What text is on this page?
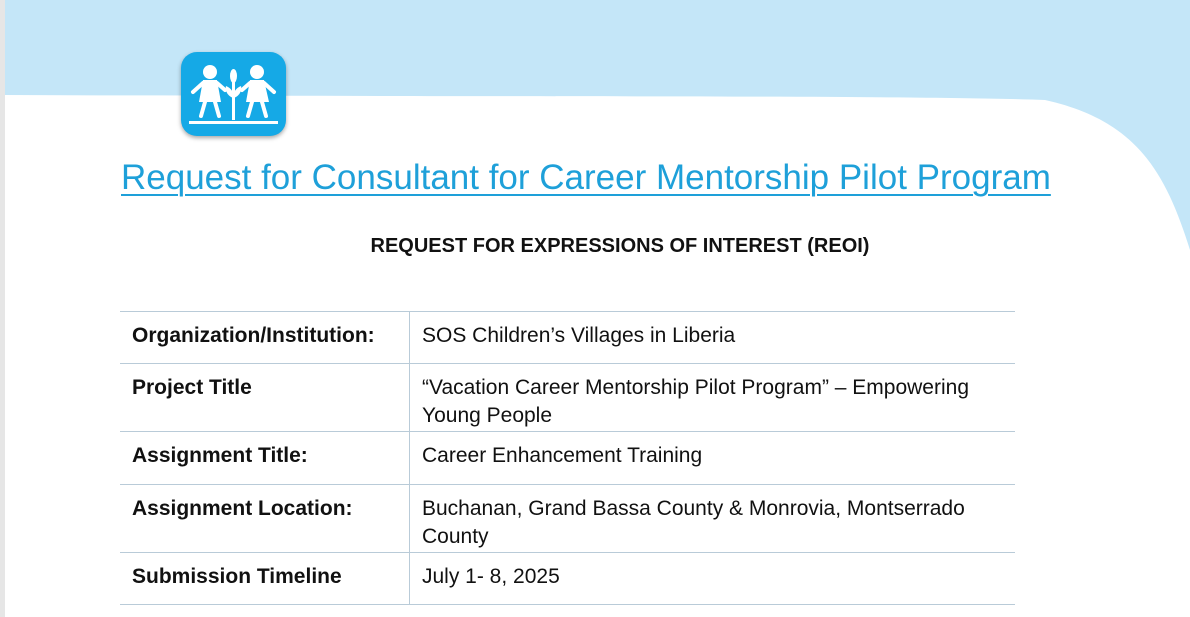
Request for Consultant for Career Mentorship Pilot Program
REQUEST FOR EXPRESSIONS OF INTEREST (REOI)
Organization/Institution:	SOS Children’s Villages in Liberia
Project Title	“Vacation Career Mentorship Pilot Program” – Empowering Young People
Assignment Title:	Career Enhancement Training
Assignment Location:	Buchanan, Grand Bassa County & Monrovia, Montserrado County
Submission Timeline	July 1- 8, 2025
